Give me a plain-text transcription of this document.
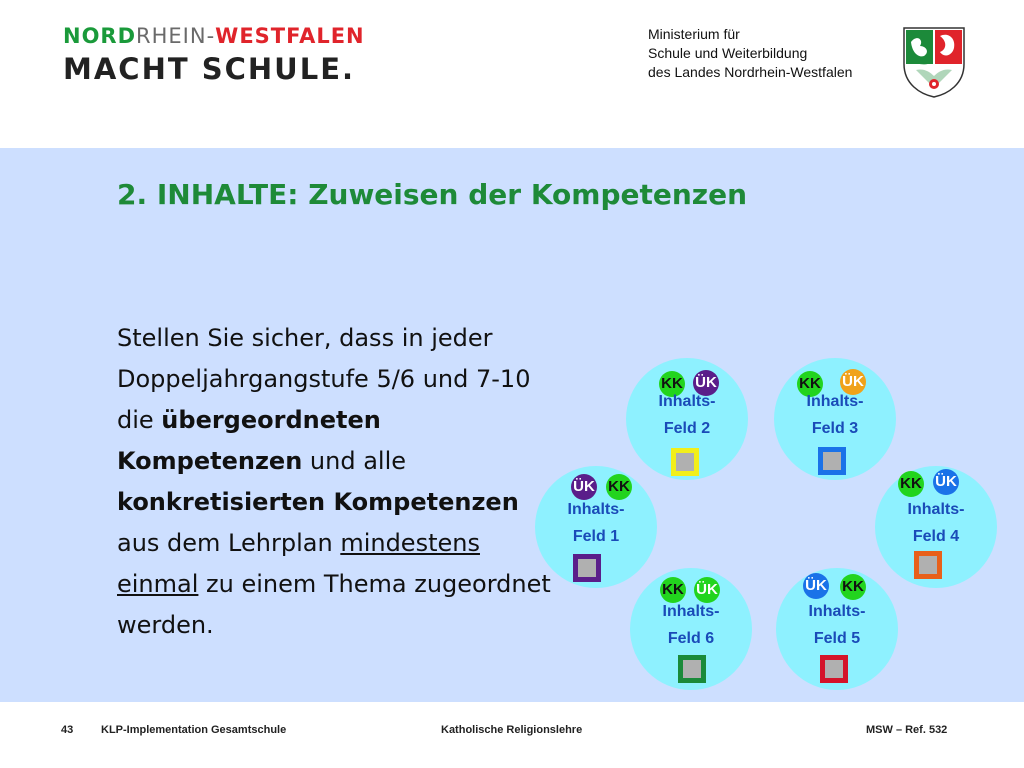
NORDRHEIN-WESTFALEN
MACHT SCHULE.
Ministerium für
Schule und Weiterbildung
des Landes Nordrhein-Westfalen
2. INHALTE: Zuweisen der Kompetenzen
Stellen Sie sicher, dass in jeder Doppeljahrgangstufe 5/6 und 7-10 die übergeordneten Kompetenzen und alle
konkretisierten Kompetenzen
aus dem Lehrplan mindestens einmal zu einem Thema zugeordnet werden.
KK ÜK
Inhalts-
Feld 2
KK ÜK
Inhalts-
Feld 3
ÜK KK
Inhalts-
Feld 1
KK ÜK
Inhalts-
Feld 4
KK ÜK
Inhalts-
Feld 6
ÜK KK
Inhalts-
Feld 5
43	KLP-Implementation Gesamtschule	Katholische Religionslehre	MSW – Ref. 532
